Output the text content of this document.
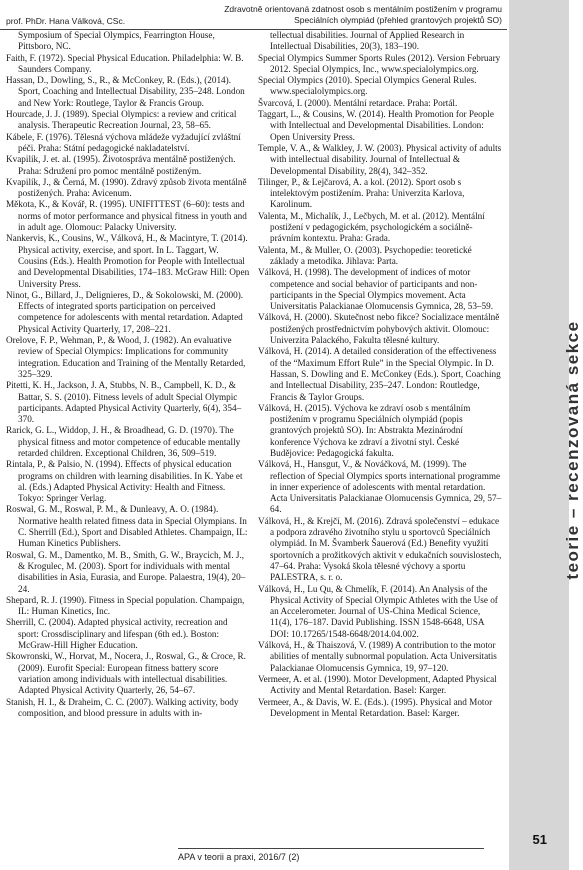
prof. PhDr. Hana Válková, CSc.
Zdravotně orientovaná zdatnost osob s mentálním postižením v programu
Speciálních olympiád (přehled grantových projektů SO)
teorie – recenzovaná sekce

Symposium of Special Olympics, Fearrington House, Pittsboro, NC.

Faith, F. (1972). Special Physical Education. Philadelphia: W. B. Saunders Company.

Hassan, D., Dowling, S., R., & McConkey, R. (Eds.), (2014). Sport, Coaching and Intellectual Disability, 235–248. London and New York: Routlege, Taylor & Francis Group.

Hourcade, J. J. (1989). Special Olympics: a review and critical analysis. Therapeutic Recreation Journal, 23, 58–65.

Kábele, F. (1976). Tělesná výchova mládeže vyžadující zvláštní péči. Praha: Státní pedagogické nakladatelství.

Kvapilík, J. et. al. (1995). Životospráva mentálně postižených. Praha: Sdružení pro pomoc mentálně postiženým.

Kvapilík, J., & Černá, M. (1990). Zdravý způsob života mentálně postižených. Praha: Avicenum.

Měkota, K., & Kovář, R. (1995). UNIFITTEST (6–60): tests and norms of motor performance and physical fitness in youth and in adult age. Olomouc: Palacky University.

Nankervis, K., Cousins, W., Válková, H., & Macintyre, T. (2014). Physical activity, exercise, and sport. In L. Taggart, W. Cousins (Eds.). Health Promotion for People with Intellectual and Developmental Disabilities, 174–183. McGraw Hill: Open University Press.

Ninot, G., Billard, J., Delignieres, D., & Sokolowski, M. (2000). Effects of integrated sports participation on perceived competence for adolescents with mental retardation. Adapted Physical Activity Quarterly, 17, 208–221.

Orelove, F. P., Wehman, P., & Wood, J. (1982). An evaluative review of Special Olympics: Implications for community integration. Education and Training of the Mentally Retarded, 325–329.

Pitetti, K. H., Jackson, J. A, Stubbs, N. B., Campbell, K. D., & Battar, S. S. (2010). Fitness levels of adult Special Olympic participants. Adapted Physical Activity Quarterly, 6(4), 354–370.

Rarick, G. L., Widdop, J. H., & Broadhead, G. D. (1970). The physical fitness and motor competence of educable mentally retarded children. Exceptional Children, 36, 509–519.

Rintala, P., & Palsio, N. (1994). Effects of physical education programs on children with learning disabilities. In K. Yabe et al. (Eds.) Adapted Physical Activity: Health and Fitness. Tokyo: Springer Verlag.

Roswal, G. M., Roswal, P. M., & Dunleavy, A. O. (1984). Normative health related fitness data in Special Olympians. In C. Sherrill (Ed.), Sport and Disabled Athletes. Champaign, IL: Human Kinetics Publishers.

Roswal, G. M., Damentko, M. B., Smith, G. W., Braycich, M. J., & Krogulec, M. (2003). Sport for individuals with mental disabilities in Asia, Eurasia, and Europe. Palaestra, 19(4), 20–24.

Shepard, R. J. (1990). Fitness in Special population. Champaign, IL: Human Kinetics, Inc.

Sherrill, C. (2004). Adapted physical activity, recreation and sport: Crossdisciplinary and lifespan (6th ed.). Boston: McGraw-Hill Higher Education.

Skowronski, W., Horvat, M., Nocera, J., Roswal, G., & Croce, R. (2009). Eurofit Special: European fitness battery score variation among individuals with intellectual disabilities. Adapted Physical Activity Quarterly, 26, 54–67.

Stanish, H. I., & Draheim, C. C. (2007). Walking activity, body composition, and blood pressure in adults with in-

tellectual disabilities. Journal of Applied Research in Intellectual Disabilities, 20(3), 183–190.

Special Olympics Summer Sports Rules (2012). Version February 2012. Special Olympics, Inc., www.specialolympics.org.

Special Olympics (2010). Special Olympics General Rules. www.specialolympics.org.

Švarcová, I. (2000). Mentální retardace. Praha: Portál.

Taggart, L., & Cousins, W. (2014). Health Promotion for People with Intellectual and Developmental Disabilities. London: Open University Press.

Temple, V. A., & Walkley, J. W. (2003). Physical activity of adults with intellectual disability. Journal of Intellectual & Developmental Disability, 28(4), 342–352.

Tilinger, P., & Lejčarová, A. a kol. (2012). Sport osob s intelektovým postižením. Praha: Univerzita Karlova, Karolinum.

Valenta, M., Michalík, J., Lečbych, M. et al. (2012). Mentální postižení v pedagogickém, psychologickém a sociálně-právním kontextu. Praha: Grada.

Valenta, M., & Muller, O. (2003). Psychopedie: teoretické základy a metodika. Jihlava: Parta.

Válková, H. (1998). The development of indices of motor competence and social behavior of participants and non-participants in the Special Olympics movement. Acta Universitatis Palackianae Olomucensis Gymnica, 28, 53–59.

Válková, H. (2000). Skutečnost nebo fikce? Socializace mentálně postižených prostřednictvím pohybových aktivit. Olomouc: Univerzita Palackého, Fakulta tělesné kultury.

Válková, H. (2014). A detailed consideration of the effectiveness of the “Maximum Effort Rule” in the Special Olympic. In D. Hassan, S. Dowling and E. McConkey (Eds.). Sport, Coaching and Intellectual Disability, 235–247. London: Routledge, Francis & Taylor Groups.

Válková, H. (2015). Výchova ke zdraví osob s mentálním postižením v programu Speciálních olympiád (popis grantových projektů SO). In: Abstrakta Mezinárodní konference Výchova ke zdraví a životní styl. České Budějovice: Pedagogická fakulta.

Válková, H., Hansgut, V., & Nováčková, M. (1999). The reflection of Special Olympics sports international programme in inner experience of adolescents with mental retardation. Acta Universitatis Palackianae Olomucensis Gymnica, 29, 57–64.

Válková, H., & Krejčí, M. (2016). Zdravá společenství – edukace a podpora zdravého životního stylu u sportovců Speciálních olympiád. In M. Švamberk Šauerová (Ed.) Benefity využití sportovních a prožitkových aktivit v edukačních souvislostech, 47–64. Praha: Vysoká škola tělesné výchovy a sportu PALESTRA, s. r. o.

Válková, H., Lu Qu, & Chmelík, F. (2014). An Analysis of the Physical Activity of Special Olympic Athletes with the Use of an Accelerometer. Journal of US-China Medical Science, 11(4), 176–187. David Publishing. ISSN 1548-6648, USA DOI: 10.17265/1548-6648/2014.04.002.

Válková, H., & Thaiszová, V. (1989) A contribution to the motor abilities of mentally subnormal population. Acta Universitatis Palackianae Olomucensis Gymnica, 19, 97–120.

Vermeer, A. et al. (1990). Motor Development, Adapted Physical Activity and Mental Retardation. Basel: Karger.

Vermeer, A., & Davis, W. E. (Eds.). (1995). Physical and Motor Development in Mental Retardation. Basel: Karger.

APA v teorii a praxi, 2016/7 (2)
51
